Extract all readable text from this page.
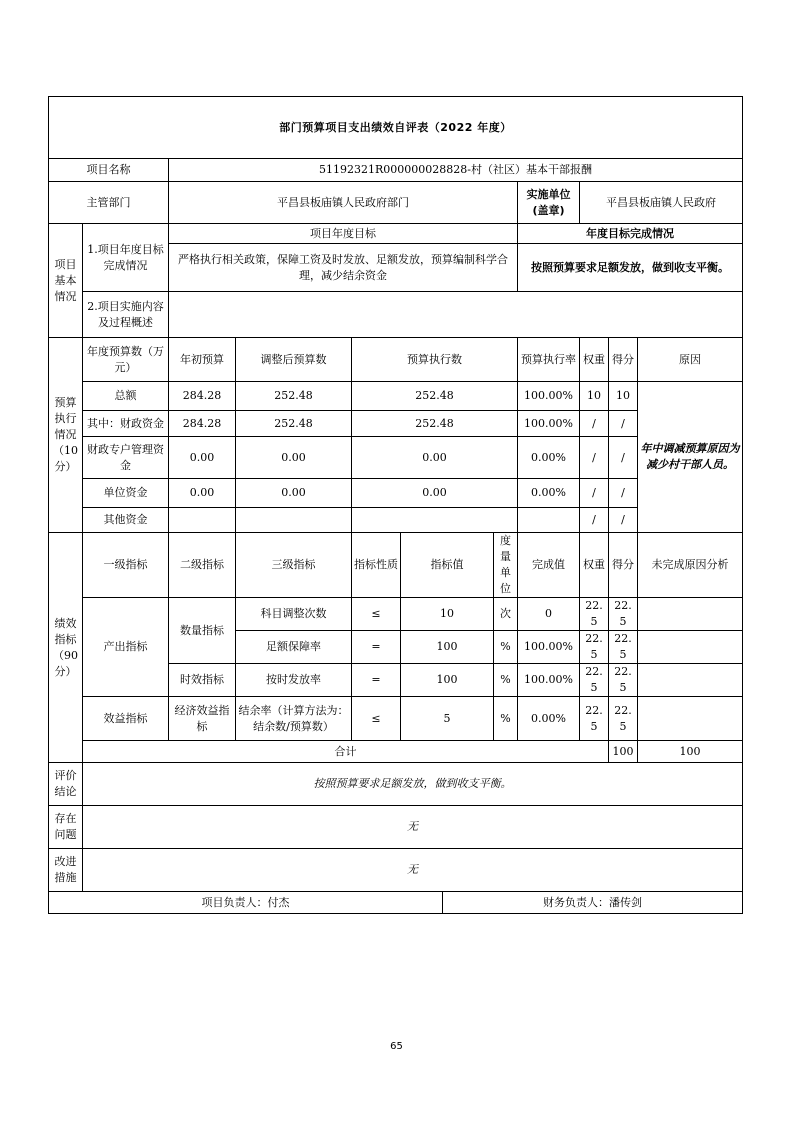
部门预算项目支出绩效自评表（2022 年度）												
项目名称		51192321R000000028828-村（社区）基本干部报酬										
主管部门		平昌县板庙镇人民政府部门						实施单位
(盖章)	平昌县板庙镇人民政府			
项目基本情况	1.项目年度目标完成情况	项目年度目标						年度目标完成情况				
		严格执行相关政策，保障工资及时发放、足额发放，预算编制科学合理，减少结余资金						按照预算要求足额发放，做到收支平衡。				
	2.项目实施内容及过程概述											
预算执行情况（10分）	年度预算数（万元）	年初预算	调整后预算数	预算执行数				预算执行率	权重	得分	原因	
	总额	284.28	252.48	252.48				100.00%	10	10	年中调减预算原因为减少村干部人员。	
	其中：财政资金	284.28	252.48	252.48				100.00%	/	/		
	财政专户管理资金	0.00	0.00	0.00				0.00%	/	/		
	单位资金	0.00	0.00	0.00				0.00%	/	/		
	其他资金								/	/		
绩效指标（90分）	一级指标	二级指标	三级指标	指标性质	指标值		度量单位	完成值	权重	得分	未完成原因分析	
	产出指标	数量指标	科目调整次数	≤	10		次	0	22.5	22.5		
			足额保障率	=	100		%	100.00%	22.5	22.5		
		时效指标	按时发放率	=	100		%	100.00%	22.5	22.5		
	效益指标	经济效益指标	结余率（计算方法为：结余数/预算数）	≤	5		%	0.00%	22.5	22.5		
	合计									100	100	
评价结论	按照预算要求足额发放，做到收支平衡。											
存在问题	无											
改进措施	无											
项目负责人：付杰						财务负责人：潘传剑						
65
